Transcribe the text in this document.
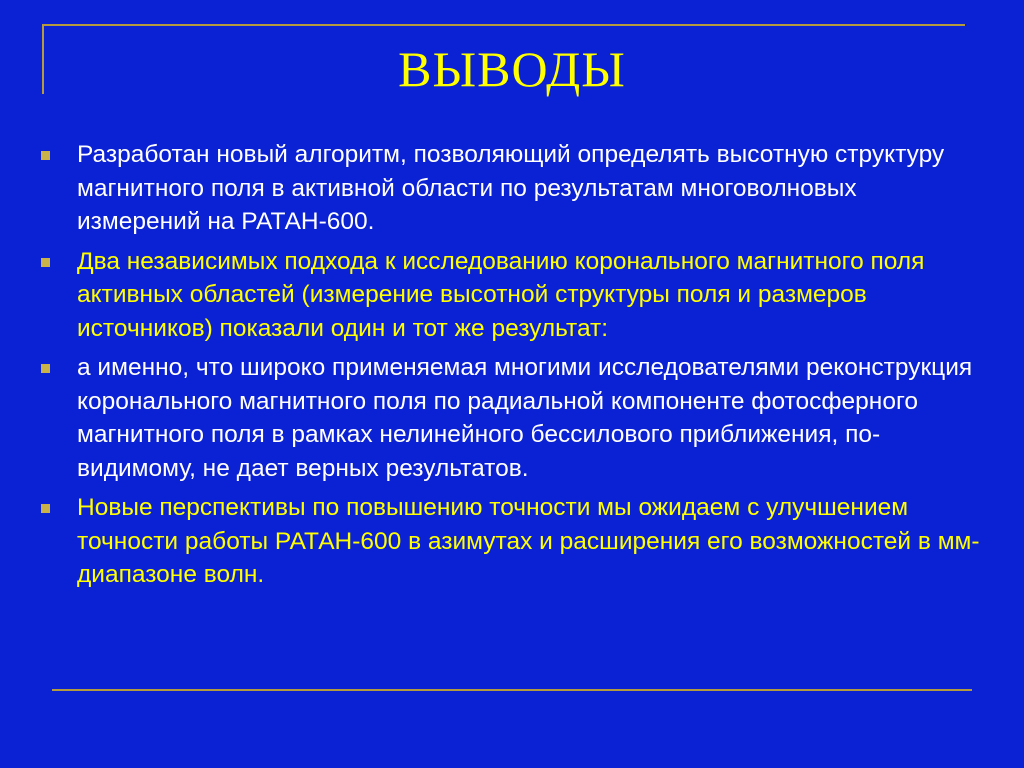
ВЫВОДЫ
Разработан новый алгоритм, позволяющий определять высотную структуру магнитного поля в активной области по результатам многоволновых измерений на РАТАН-600.
Два независимых подхода к исследованию коронального магнитного поля активных областей (измерение высотной структуры поля и размеров источников) показали один и тот же результат:
а именно, что широко применяемая многими исследователями реконструкция коронального магнитного поля по радиальной компоненте фотосферного магнитного поля в рамках нелинейного бессилового приближения, по-видимому, не дает верных результатов.
Новые перспективы по повышению точности мы ожидаем с улучшением точности работы РАТАН-600 в азимутах и расширения его возможностей в мм-диапазоне волн.
